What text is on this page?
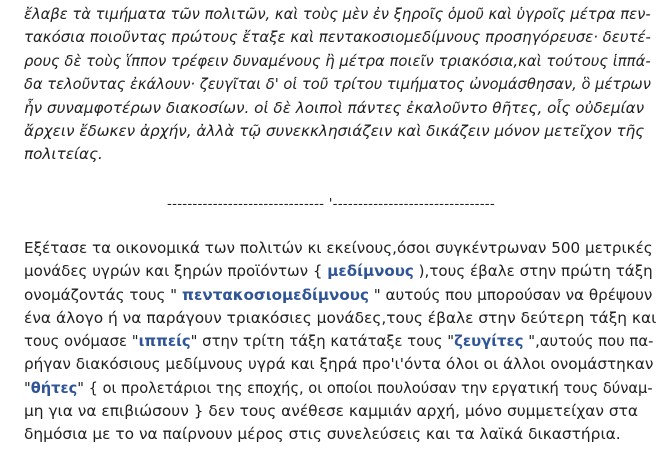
ἔλαβε τὰ τιμήματα τῶν πολιτῶν, καὶ τοὺς μὲν ἐν ξηροῖς ὁμοῦ καὶ ὑγροῖς μέτρα πεν-
τακόσια ποιοῦντας πρώτους ἔταξε καὶ πεντακοσιομεδίμνους προσηγόρευσε· δευτέ-
ρους δὲ τοὺς ἵππον τρέφειν δυναμένους ἢ μέτρα ποιεῖν τριακόσια,καὶ τούτους ἱππά-
δα τελοῦντας ἐκάλουν· ζευγῖται δ' οἱ τοῦ τρίτου τιμήματος ὠνομάσθησαν, ὃ μέτρων
ἦν συναμφοτέρων διακοσίων. οἱ δὲ λοιποὶ πάντες ἐκαλοῦντο θῆτες, οἷς οὐδεμίαν
ἄρχειν ἔδωκεν ἀρχήν, ἀλλὰ τῷ συνεκκλησιάζειν καὶ δικάζειν μόνον μετεῖχον τῆς
πολιτείας.
------------------------------- '--------------------------------
Εξέτασε τα οικονομικά των πολιτών κι εκείνους,όσοι συγκέντρωναν 500 μετρικές
μονάδες υγρών και ξηρών προϊόντων { μεδίμνους ),τους έβαλε στην πρώτη τάξη
ονομάζοντάς τους " πεντακοσιομεδίμνους " αυτούς που μπορούσαν να θρέψουν
ένα άλογο ή να παράγουν τριακόσιες μονάδες,τους έβαλε στην δεύτερη τάξη και
τους ονόμασε "ιππείς" στην τρίτη τάξη κατάταξε τους "ζευγίτες ",αυτούς που πα-
ρήγαν διακόσιους μεδίμνους υγρά και ξηρά προ'ι'όντα όλοι οι άλλοι ονομάστηκαν
"θήτες" { οι προλετάριοι της εποχής, οι οποίοι πουλούσαν την εργατική τους δύναμ-
μη για να επιβιώσουν } δεν τους ανέθεσε καμμιάν αρχή, μόνο συμμετείχαν στα
δημόσια με το να παίρνουν μέρος στις συνελεύσεις και τα λαϊκά δικαστήρια.
